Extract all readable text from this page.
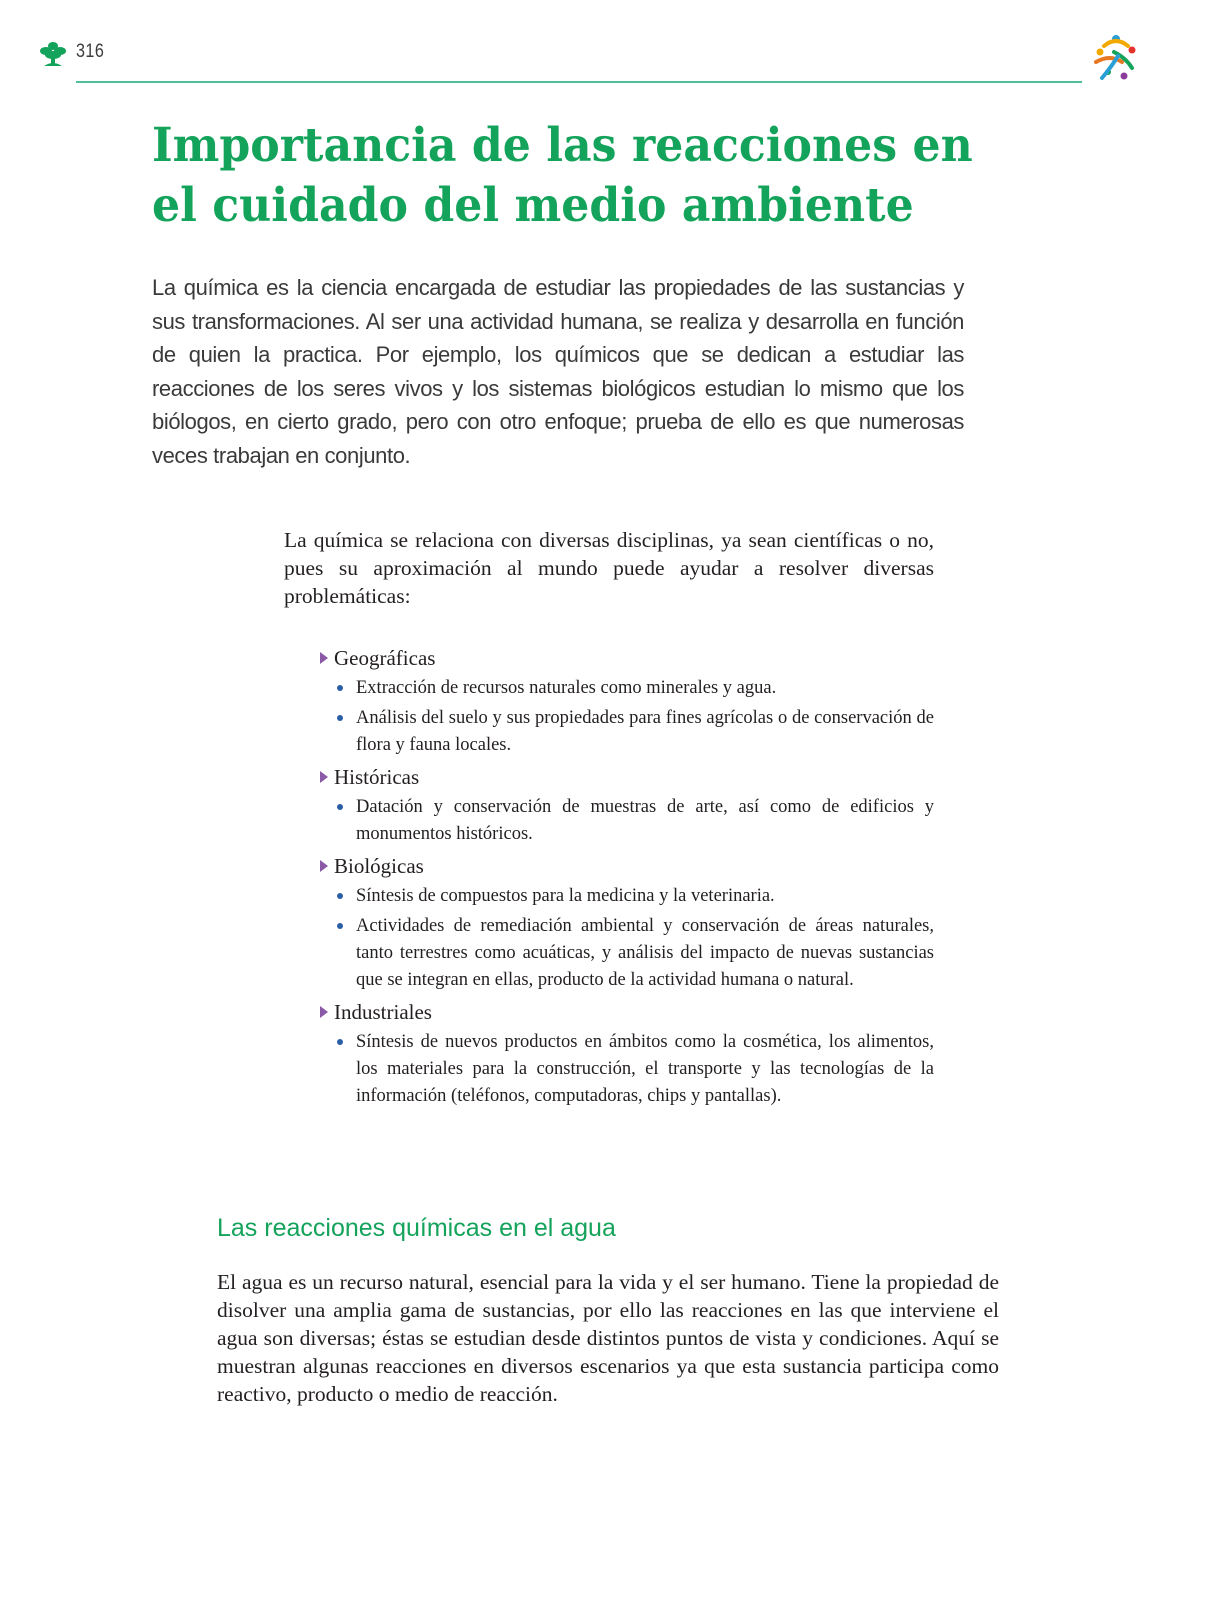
316
Importancia de las reacciones en el cuidado del medio ambiente

La química es la ciencia encargada de estudiar las propiedades de las sustancias y sus transformaciones. Al ser una actividad humana, se realiza y desarrolla en función de quien la practica. Por ejemplo, los químicos que se dedican a estudiar las reacciones de los seres vivos y los sistemas biológicos estudian lo mismo que los biólogos, en cierto grado, pero con otro enfoque; prueba de ello es que numerosas veces trabajan en conjunto.

La química se relaciona con diversas disciplinas, ya sean científicas o no, pues su aproximación al mundo puede ayudar a resolver diversas problemáticas:

Geográficas
Extracción de recursos naturales como minerales y agua.
Análisis del suelo y sus propiedades para fines agrícolas o de conservación de flora y fauna locales.
Históricas
Datación y conservación de muestras de arte, así como de edificios y monumentos históricos.
Biológicas
Síntesis de compuestos para la medicina y la veterinaria.
Actividades de remediación ambiental y conservación de áreas naturales, tanto terrestres como acuáticas, y análisis del impacto de nuevas sustancias que se integran en ellas, producto de la actividad humana o natural.
Industriales
Síntesis de nuevos productos en ámbitos como la cosmética, los alimentos, los materiales para la construcción, el transporte y las tecnologías de la información (teléfonos, computadoras, chips y pantallas).
Las reacciones químicas en el agua

El agua es un recurso natural, esencial para la vida y el ser humano. Tiene la propiedad de disolver una amplia gama de sustancias, por ello las reacciones en las que interviene el agua son diversas; éstas se estudian desde distintos puntos de vista y condiciones. Aquí se muestran algunas reacciones en diversos escenarios ya que esta sustancia participa como reactivo, producto o medio de reacción.
